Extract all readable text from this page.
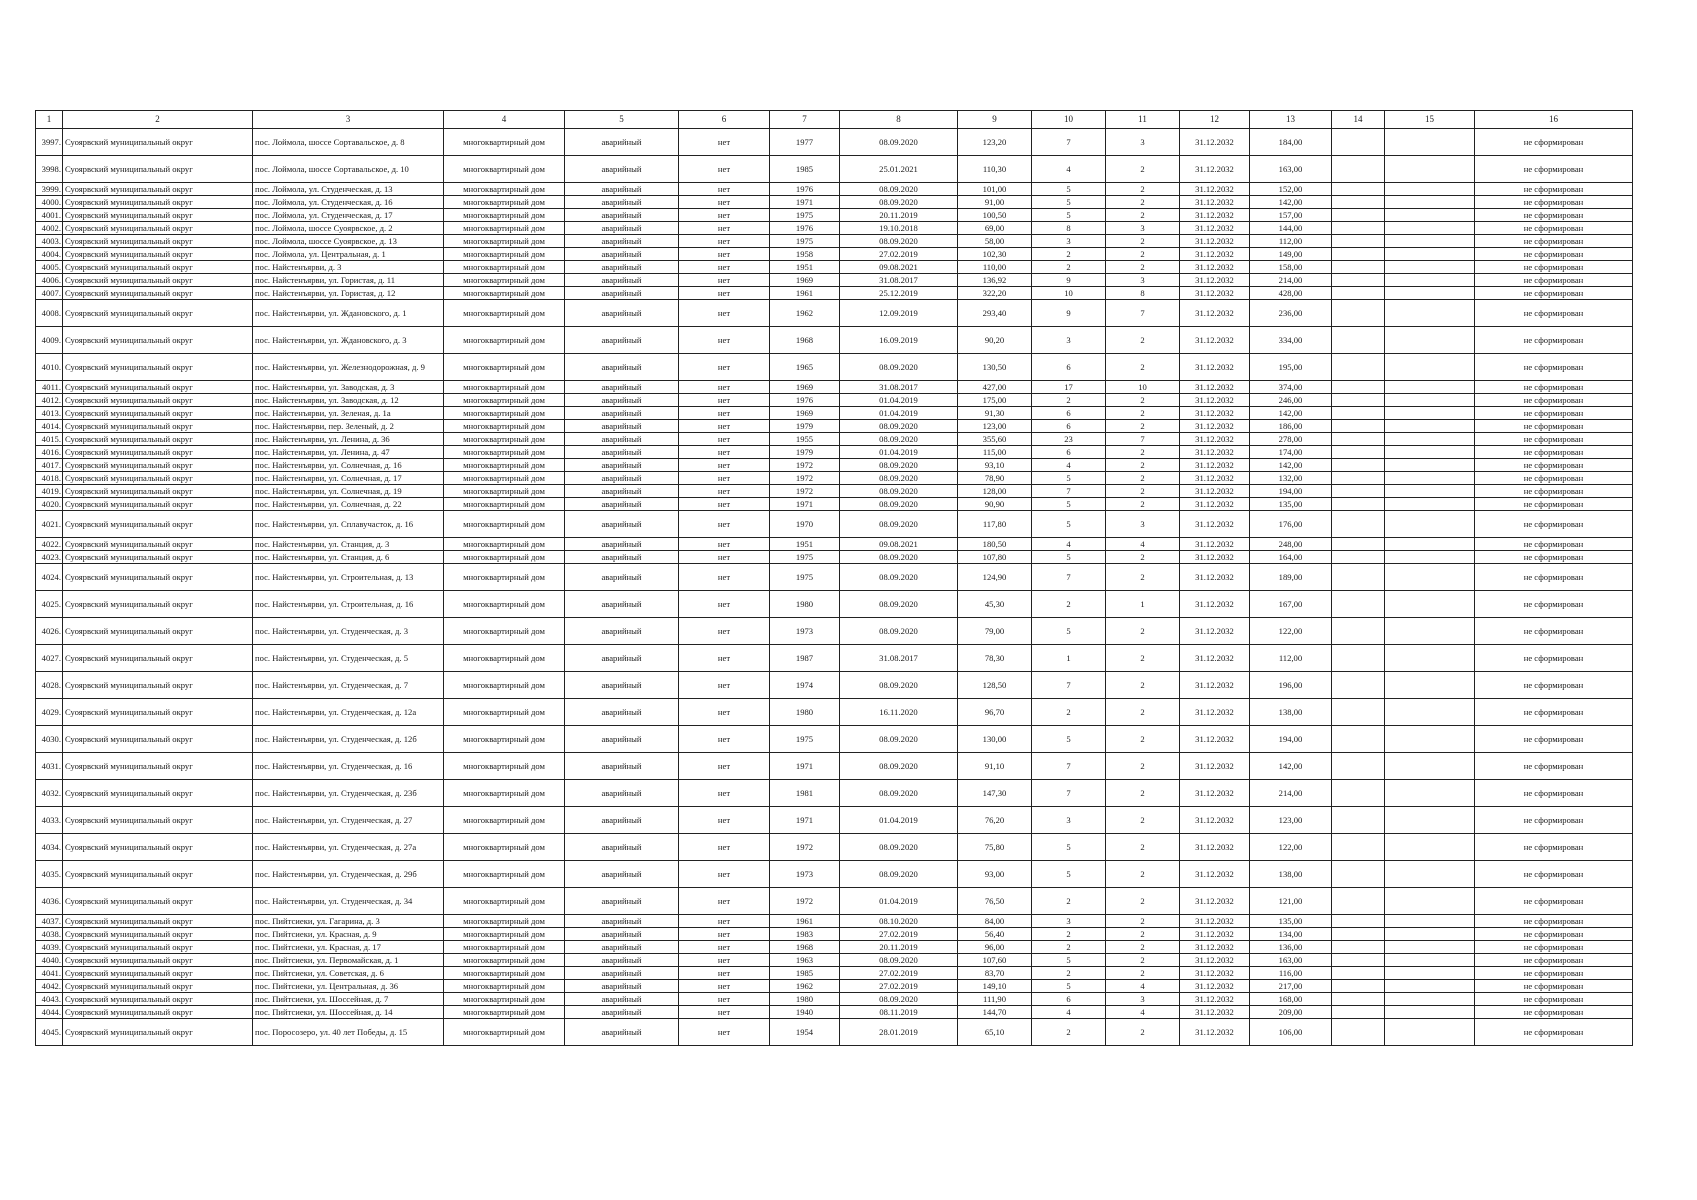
1	2	3	4	5	6	7	8	9	10	11	12	13	14	15	16
3997.	Суоярвский муниципальный округ	пос. Лоймола, шоссе Сортавальское, д. 8	многоквартирный дом	аварийный	нет	1977	08.09.2020	123,20	7	3	31.12.2032	184,00			не сформирован
3998.	Суоярвский муниципальный округ	пос. Лоймола, шоссе Сортавальское, д. 10	многоквартирный дом	аварийный	нет	1985	25.01.2021	110,30	4	2	31.12.2032	163,00			не сформирован
3999.	Суоярвский муниципальный округ	пос. Лоймола, ул. Студенческая, д. 13	многоквартирный дом	аварийный	нет	1976	08.09.2020	101,00	5	2	31.12.2032	152,00			не сформирован
4000.	Суоярвский муниципальный округ	пос. Лоймола, ул. Студенческая, д. 16	многоквартирный дом	аварийный	нет	1971	08.09.2020	91,00	5	2	31.12.2032	142,00			не сформирован
4001.	Суоярвский муниципальный округ	пос. Лоймола, ул. Студенческая, д. 17	многоквартирный дом	аварийный	нет	1975	20.11.2019	100,50	5	2	31.12.2032	157,00			не сформирован
4002.	Суоярвский муниципальный округ	пос. Лоймола, шоссе Суоярвское, д. 2	многоквартирный дом	аварийный	нет	1976	19.10.2018	69,00	8	3	31.12.2032	144,00			не сформирован
4003.	Суоярвский муниципальный округ	пос. Лоймола, шоссе Суоярвское, д. 13	многоквартирный дом	аварийный	нет	1975	08.09.2020	58,00	3	2	31.12.2032	112,00			не сформирован
4004.	Суоярвский муниципальный округ	пос. Лоймола, ул. Центральная, д. 1	многоквартирный дом	аварийный	нет	1958	27.02.2019	102,30	2	2	31.12.2032	149,00			не сформирован
4005.	Суоярвский муниципальный округ	пос. Найстенъярви, д. 3	многоквартирный дом	аварийный	нет	1951	09.08.2021	110,00	2	2	31.12.2032	158,00			не сформирован
4006.	Суоярвский муниципальный округ	пос. Найстенъярви, ул. Гористая, д. 11	многоквартирный дом	аварийный	нет	1969	31.08.2017	136,92	9	3	31.12.2032	214,00			не сформирован
4007.	Суоярвский муниципальный округ	пос. Найстенъярви, ул. Гористая, д. 12	многоквартирный дом	аварийный	нет	1961	25.12.2019	322,20	10	8	31.12.2032	428,00			не сформирован
4008.	Суоярвский муниципальный округ	пос. Найстенъярви, ул. Ждановского, д. 1	многоквартирный дом	аварийный	нет	1962	12.09.2019	293,40	9	7	31.12.2032	236,00			не сформирован
4009.	Суоярвский муниципальный округ	пос. Найстенъярви, ул. Ждановского, д. 3	многоквартирный дом	аварийный	нет	1968	16.09.2019	90,20	3	2	31.12.2032	334,00			не сформирован
4010.	Суоярвский муниципальный округ	пос. Найстенъярви, ул. Железнодорожная, д. 9	многоквартирный дом	аварийный	нет	1965	08.09.2020	130,50	6	2	31.12.2032	195,00			не сформирован
4011.	Суоярвский муниципальный округ	пос. Найстенъярви, ул. Заводская, д. 3	многоквартирный дом	аварийный	нет	1969	31.08.2017	427,00	17	10	31.12.2032	374,00			не сформирован
4012.	Суоярвский муниципальный округ	пос. Найстенъярви, ул. Заводская, д. 12	многоквартирный дом	аварийный	нет	1976	01.04.2019	175,00	2	2	31.12.2032	246,00			не сформирован
4013.	Суоярвский муниципальный округ	пос. Найстенъярви, ул. Зеленая, д. 1а	многоквартирный дом	аварийный	нет	1969	01.04.2019	91,30	6	2	31.12.2032	142,00			не сформирован
4014.	Суоярвский муниципальный округ	пос. Найстенъярви, пер. Зеленый, д. 2	многоквартирный дом	аварийный	нет	1979	08.09.2020	123,00	6	2	31.12.2032	186,00			не сформирован
4015.	Суоярвский муниципальный округ	пос. Найстенъярви, ул. Ленина, д. 36	многоквартирный дом	аварийный	нет	1955	08.09.2020	355,60	23	7	31.12.2032	278,00			не сформирован
4016.	Суоярвский муниципальный округ	пос. Найстенъярви, ул. Ленина, д. 47	многоквартирный дом	аварийный	нет	1979	01.04.2019	115,00	6	2	31.12.2032	174,00			не сформирован
4017.	Суоярвский муниципальный округ	пос. Найстенъярви, ул. Солнечная, д. 16	многоквартирный дом	аварийный	нет	1972	08.09.2020	93,10	4	2	31.12.2032	142,00			не сформирован
4018.	Суоярвский муниципальный округ	пос. Найстенъярви, ул. Солнечная, д. 17	многоквартирный дом	аварийный	нет	1972	08.09.2020	78,90	5	2	31.12.2032	132,00			не сформирован
4019.	Суоярвский муниципальный округ	пос. Найстенъярви, ул. Солнечная, д. 19	многоквартирный дом	аварийный	нет	1972	08.09.2020	128,00	7	2	31.12.2032	194,00			не сформирован
4020.	Суоярвский муниципальный округ	пос. Найстенъярви, ул. Солнечная, д. 22	многоквартирный дом	аварийный	нет	1971	08.09.2020	90,90	5	2	31.12.2032	135,00			не сформирован
4021.	Суоярвский муниципальный округ	пос. Найстенъярви, ул. Сплавучасток, д. 16	многоквартирный дом	аварийный	нет	1970	08.09.2020	117,80	5	3	31.12.2032	176,00			не сформирован
4022.	Суоярвский муниципальный округ	пос. Найстенъярви, ул. Станция, д. 3	многоквартирный дом	аварийный	нет	1951	09.08.2021	180,50	4	4	31.12.2032	248,00			не сформирован
4023.	Суоярвский муниципальный округ	пос. Найстенъярви, ул. Станция, д. 6	многоквартирный дом	аварийный	нет	1975	08.09.2020	107,80	5	2	31.12.2032	164,00			не сформирован
4024.	Суоярвский муниципальный округ	пос. Найстенъярви, ул. Строительная, д. 13	многоквартирный дом	аварийный	нет	1975	08.09.2020	124,90	7	2	31.12.2032	189,00			не сформирован
4025.	Суоярвский муниципальный округ	пос. Найстенъярви, ул. Строительная, д. 16	многоквартирный дом	аварийный	нет	1980	08.09.2020	45,30	2	1	31.12.2032	167,00			не сформирован
4026.	Суоярвский муниципальный округ	пос. Найстенъярви, ул. Студенческая, д. 3	многоквартирный дом	аварийный	нет	1973	08.09.2020	79,00	5	2	31.12.2032	122,00			не сформирован
4027.	Суоярвский муниципальный округ	пос. Найстенъярви, ул. Студенческая, д. 5	многоквартирный дом	аварийный	нет	1987	31.08.2017	78,30	1	2	31.12.2032	112,00			не сформирован
4028.	Суоярвский муниципальный округ	пос. Найстенъярви, ул. Студенческая, д. 7	многоквартирный дом	аварийный	нет	1974	08.09.2020	128,50	7	2	31.12.2032	196,00			не сформирован
4029.	Суоярвский муниципальный округ	пос. Найстенъярви, ул. Студенческая, д. 12а	многоквартирный дом	аварийный	нет	1980	16.11.2020	96,70	2	2	31.12.2032	138,00			не сформирован
4030.	Суоярвский муниципальный округ	пос. Найстенъярви, ул. Студенческая, д. 12б	многоквартирный дом	аварийный	нет	1975	08.09.2020	130,00	5	2	31.12.2032	194,00			не сформирован
4031.	Суоярвский муниципальный округ	пос. Найстенъярви, ул. Студенческая, д. 16	многоквартирный дом	аварийный	нет	1971	08.09.2020	91,10	7	2	31.12.2032	142,00			не сформирован
4032.	Суоярвский муниципальный округ	пос. Найстенъярви, ул. Студенческая, д. 23б	многоквартирный дом	аварийный	нет	1981	08.09.2020	147,30	7	2	31.12.2032	214,00			не сформирован
4033.	Суоярвский муниципальный округ	пос. Найстенъярви, ул. Студенческая, д. 27	многоквартирный дом	аварийный	нет	1971	01.04.2019	76,20	3	2	31.12.2032	123,00			не сформирован
4034.	Суоярвский муниципальный округ	пос. Найстенъярви, ул. Студенческая, д. 27а	многоквартирный дом	аварийный	нет	1972	08.09.2020	75,80	5	2	31.12.2032	122,00			не сформирован
4035.	Суоярвский муниципальный округ	пос. Найстенъярви, ул. Студенческая, д. 29б	многоквартирный дом	аварийный	нет	1973	08.09.2020	93,00	5	2	31.12.2032	138,00			не сформирован
4036.	Суоярвский муниципальный округ	пос. Найстенъярви, ул. Студенческая, д. 34	многоквартирный дом	аварийный	нет	1972	01.04.2019	76,50	2	2	31.12.2032	121,00			не сформирован
4037.	Суоярвский муниципальный округ	пос. Пийтсиеки, ул. Гагарина, д. 3	многоквартирный дом	аварийный	нет	1961	08.10.2020	84,00	3	2	31.12.2032	135,00			не сформирован
4038.	Суоярвский муниципальный округ	пос. Пийтсиеки, ул. Красная, д. 9	многоквартирный дом	аварийный	нет	1983	27.02.2019	56,40	2	2	31.12.2032	134,00			не сформирован
4039.	Суоярвский муниципальный округ	пос. Пийтсиеки, ул. Красная, д. 17	многоквартирный дом	аварийный	нет	1968	20.11.2019	96,00	2	2	31.12.2032	136,00			не сформирован
4040.	Суоярвский муниципальный округ	пос. Пийтсиеки, ул. Первомайская, д. 1	многоквартирный дом	аварийный	нет	1963	08.09.2020	107,60	5	2	31.12.2032	163,00			не сформирован
4041.	Суоярвский муниципальный округ	пос. Пийтсиеки, ул. Советская, д. 6	многоквартирный дом	аварийный	нет	1985	27.02.2019	83,70	2	2	31.12.2032	116,00			не сформирован
4042.	Суоярвский муниципальный округ	пос. Пийтсиеки, ул. Центральная, д. 36	многоквартирный дом	аварийный	нет	1962	27.02.2019	149,10	5	4	31.12.2032	217,00			не сформирован
4043.	Суоярвский муниципальный округ	пос. Пийтсиеки, ул. Шоссейная, д. 7	многоквартирный дом	аварийный	нет	1980	08.09.2020	111,90	6	3	31.12.2032	168,00			не сформирован
4044.	Суоярвский муниципальный округ	пос. Пийтсиеки, ул. Шоссейная, д. 14	многоквартирный дом	аварийный	нет	1940	08.11.2019	144,70	4	4	31.12.2032	209,00			не сформирован
4045.	Суоярвский муниципальный округ	пос. Поросозеро, ул. 40 лет Победы, д. 15	многоквартирный дом	аварийный	нет	1954	28.01.2019	65,10	2	2	31.12.2032	106,00			не сформирован
